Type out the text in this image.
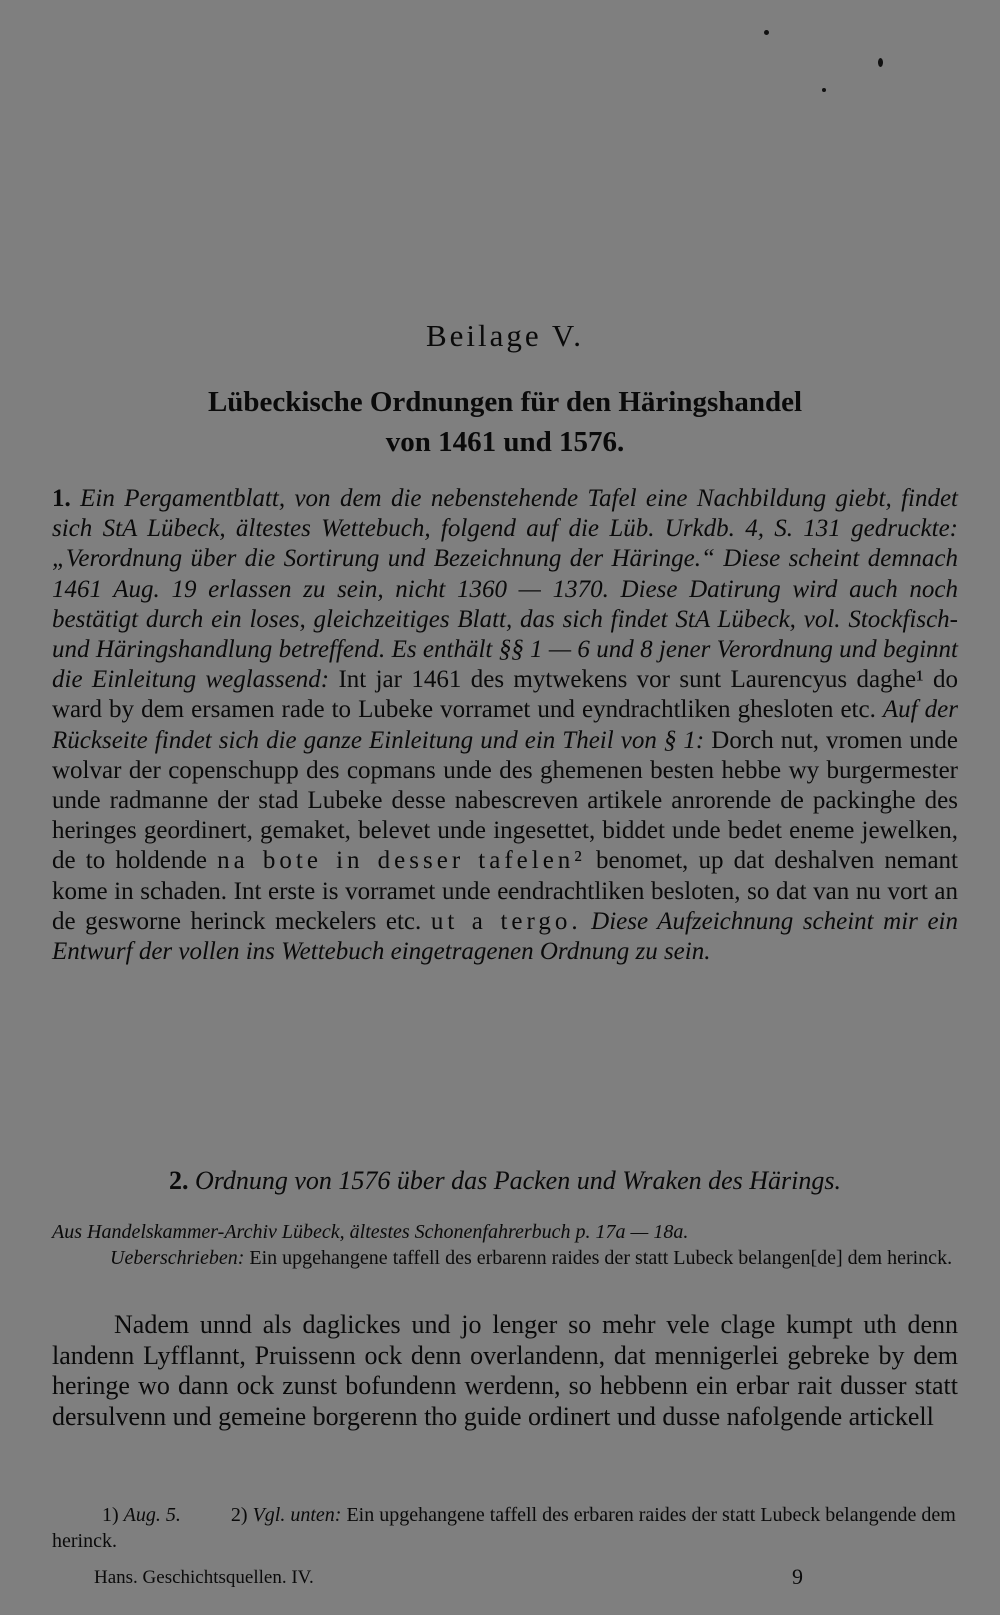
Beilage V.
Lübeckische Ordnungen für den Häringshandel
von 1461 und 1576.
1. Ein Pergamentblatt, von dem die nebenstehende Tafel eine Nachbildung giebt, findet sich StA Lübeck, ältestes Wettebuch, folgend auf die Lüb. Urkdb. 4, S. 131 gedruckte: „Verordnung über die Sortirung und Bezeichnung der Häringe.“ Diese scheint demnach 1461 Aug. 19 erlassen zu sein, nicht 1360 — 1370. Diese Datirung wird auch noch bestätigt durch ein loses, gleichzeitiges Blatt, das sich findet StA Lübeck, vol. Stockfisch- und Häringshandlung betreffend. Es enthält §§ 1 — 6 und 8 jener Verordnung und beginnt die Einleitung weglassend: Int jar 1461 des mytwekens vor sunt Laurencyus daghe¹ do ward by dem ersamen rade to Lubeke vorramet und eyndrachtliken ghesloten etc. Auf der Rückseite findet sich die ganze Einleitung und ein Theil von § 1: Dorch nut, vromen unde wolvar der copenschupp des copmans unde des ghemenen besten hebbe wy burgermester unde radmanne der stad Lubeke desse nabescreven artikele anrorende de packinghe des heringes geordinert, gemaket, belevet unde ingesettet, biddet unde bedet eneme jewelken, de to holdende na bote in desser tafelen² benomet, up dat deshalven nemant kome in schaden. Int erste is vorramet unde eendrachtliken besloten, so dat van nu vort an de gesworne herinck meckelers etc. ut a tergo. Diese Aufzeichnung scheint mir ein Entwurf der vollen ins Wettebuch eingetragenen Ordnung zu sein.
2. Ordnung von 1576 über das Packen und Wraken des Härings.
Aus Handelskammer-Archiv Lübeck, ältestes Schonenfahrerbuch p. 17a — 18a.
Ueberschrieben: Ein upgehangene taffell des erbarenn raides der statt Lubeck belangen[de] dem herinck.
Nadem unnd als daglickes und jo lenger so mehr vele clage kumpt uth denn landenn Lyfflannt, Pruissenn ock denn overlandenn, dat mennigerlei gebreke by dem heringe wo dann ock zunst bofundenn werdenn, so hebbenn ein erbar rait dusser statt dersulvenn und gemeine borgerenn tho guide ordinert und dusse nafolgende artickell
1) Aug. 5.	2) Vgl. unten: Ein upgehangene taffell des erbaren raides der statt Lubeck belangende dem herinck.
Hans. Geschichtsquellen. IV.	9
